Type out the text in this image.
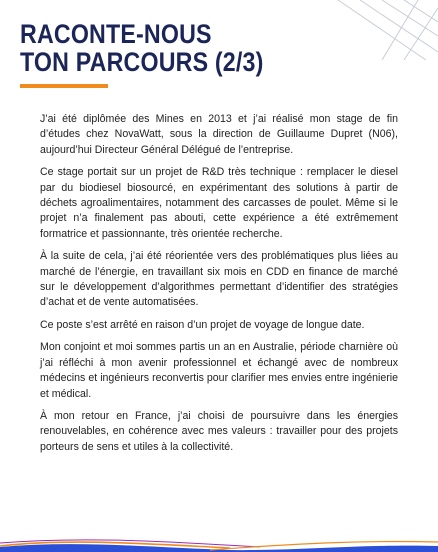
RACONTE-NOUS
TON PARCOURS (2/3)

J’ai été diplômée des Mines en 2013 et j’ai réalisé mon stage de fin d’études chez NovaWatt, sous la direction de Guillaume Dupret (N06), aujourd’hui Directeur Général Délégué de l’entreprise.

Ce stage portait sur un projet de R&D très technique : remplacer le diesel par du biodiesel biosourcé, en expérimentant des solutions à partir de déchets agroalimentaires, notamment des carcasses de poulet. Même si le projet n’a finalement pas abouti, cette expérience a été extrêmement formatrice et passionnante, très orientée recherche.

À la suite de cela, j’ai été réorientée vers des problématiques plus liées au marché de l’énergie, en travaillant six mois en CDD en finance de marché sur le développement d’algorithmes permettant d’identifier des stratégies d’achat et de vente automatisées.

Ce poste s’est arrêté en raison d’un projet de voyage de longue date.

Mon conjoint et moi sommes partis un an en Australie, période charnière où j’ai réfléchi à mon avenir professionnel et échangé avec de nombreux médecins et ingénieurs reconvertis pour clarifier mes envies entre ingénierie et médical.

À mon retour en France, j’ai choisi de poursuivre dans les énergies renouvelables, en cohérence avec mes valeurs : travailler pour des projets porteurs de sens et utiles à la collectivité.
